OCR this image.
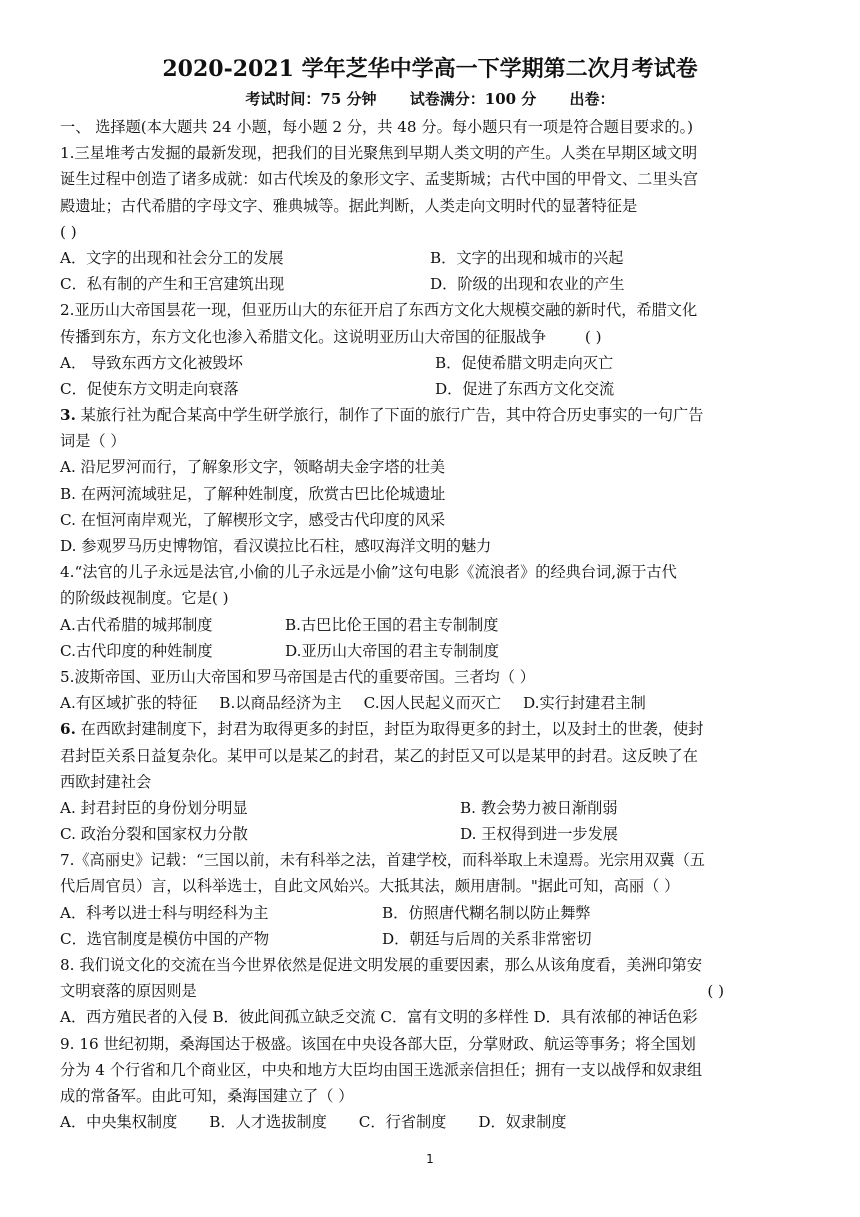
2020-2021 学年芝华中学高一下学期第二次月考试卷
考试时间：75 分钟 试卷满分：100 分 出卷：
一、 选择题(本大题共 24 小题，每小题 2 分，共 48 分。每小题只有一项是符合题目要求的。)
1.三星堆考古发掘的最新发现，把我们的目光聚焦到早期人类文明的产生。人类在早期区域文明
诞生过程中创造了诸多成就：如古代埃及的象形文字、孟斐斯城；古代中国的甲骨文、二里头宫
殿遗址；古代希腊的字母文字、雅典城等。据此判断，人类走向文明时代的显著特征是
( )
A．文字的出现和社会分工的发展	B．文字的出现和城市的兴起
C．私有制的产生和王宫建筑出现	D．阶级的出现和农业的产生
2.亚历山大帝国昙花一现，但亚历山大的东征开启了东西方文化大规模交融的新时代，希腊文化
传播到东方，东方文化也渗入希腊文化。这说明亚历山大帝国的征服战争	( )
A． 导致东西方文化被毁坏	B．促使希腊文明走向灭亡
C．促使东方文明走向衰落	D．促进了东西方文化交流
3. 某旅行社为配合某高中学生研学旅行，制作了下面的旅行广告，其中符合历史事实的一句广告
词是（ ）
A. 沿尼罗河而行，了解象形文字，领略胡夫金字塔的壮美
B. 在两河流域驻足，了解种姓制度，欣赏古巴比伦城遗址
C. 在恒河南岸观光，了解楔形文字，感受古代印度的风采
D. 参观罗马历史博物馆，看汉谟拉比石柱，感叹海洋文明的魅力
4.“法官的儿子永远是法官,小偷的儿子永远是小偷”这句电影《流浪者》的经典台词,源于古代
的阶级歧视制度。它是( )
A.古代希腊的城邦制度	B.古巴比伦王国的君主专制制度
C.古代印度的种姓制度	D.亚历山大帝国的君主专制制度
5.波斯帝国、亚历山大帝国和罗马帝国是古代的重要帝国。三者均（ ）
A.有区域扩张的特征 B.以商品经济为主 C.因人民起义而灭亡 D.实行封建君主制
6. 在西欧封建制度下，封君为取得更多的封臣，封臣为取得更多的封土，以及封土的世袭，使封
君封臣关系日益复杂化。某甲可以是某乙的封君，某乙的封臣又可以是某甲的封君。这反映了在
西欧封建社会
A. 封君封臣的身份划分明显	B. 教会势力被日渐削弱
C. 政治分裂和国家权力分散	D. 王权得到进一步发展
7.《高丽史》记载：“三国以前，未有科举之法，首建学校，而科举取上未遑焉。光宗用双冀（五
代后周官员）言，以科举选士，自此文风始兴。大抵其法，颇用唐制。"据此可知，高丽（ ）
A．科考以进士科与明经科为主	B．仿照唐代糊名制以防止舞弊
C．选官制度是模仿中国的产物	D．朝廷与后周的关系非常密切
8. 我们说文化的交流在当今世界依然是促进文明发展的重要因素，那么从该角度看，美洲印第安
文明衰落的原因则是	( )
A．西方殖民者的入侵 B．彼此间孤立缺乏交流 C．富有文明的多样性 D．具有浓郁的神话色彩
9. 16 世纪初期，桑海国达于极盛。该国在中央设各部大臣，分掌财政、航运等事务；将全国划
分为 4 个行省和几个商业区，中央和地方大臣均由国王选派亲信担任；拥有一支以战俘和奴隶组
成的常备军。由此可知，桑海国建立了（ ）
A．中央集权制度 B．人才选拔制度 C．行省制度 D．奴隶制度
1
